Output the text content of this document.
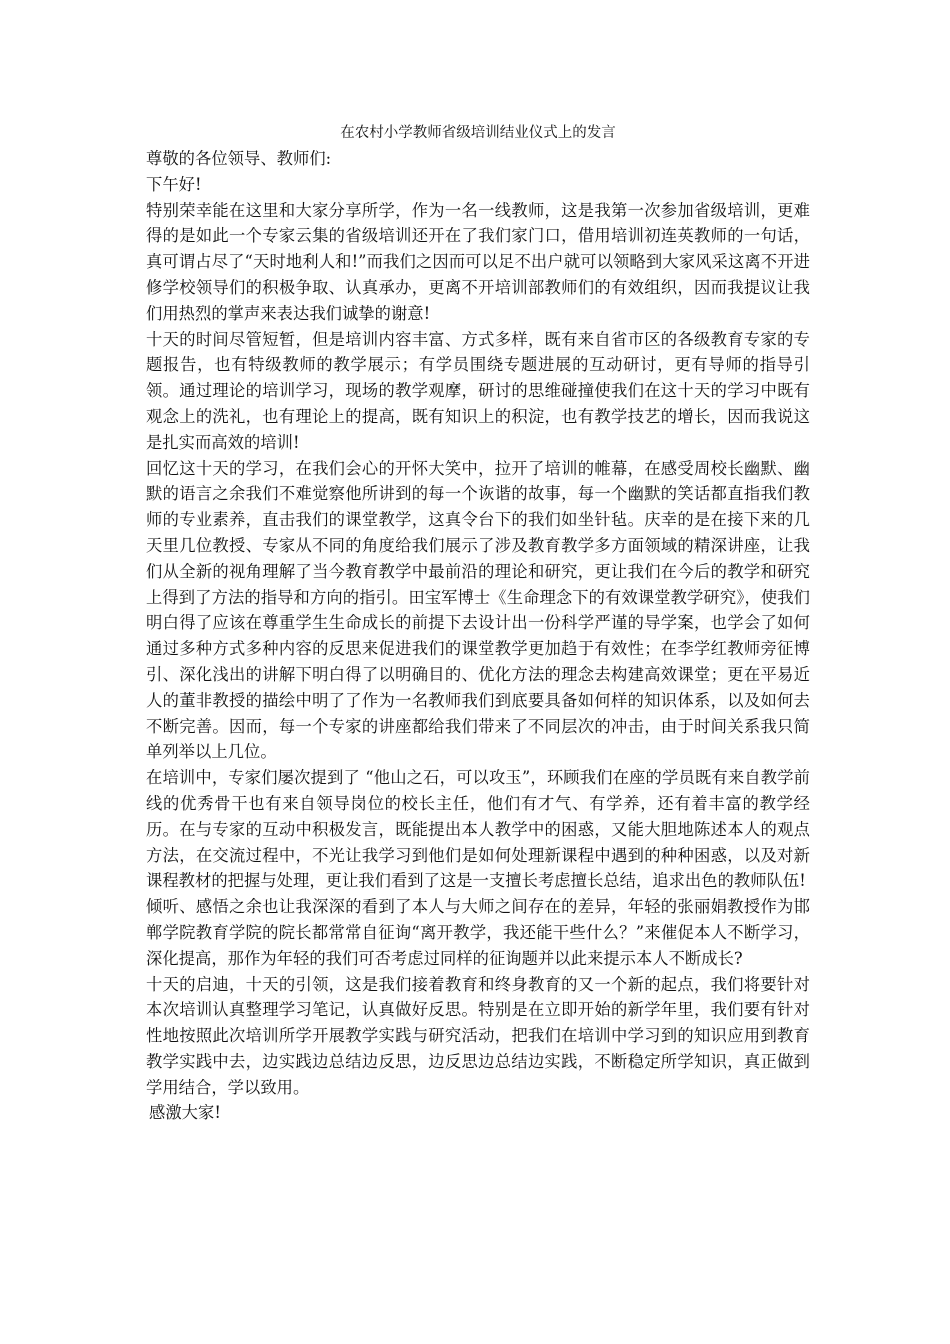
在农村小学教师省级培训结业仪式上的发言

尊敬的各位领导、教师们:

下午好!

特别荣幸能在这里和大家分享所学，作为一名一线教师，这是我第一次参加省级培训，更难得的是如此一个专家云集的省级培训还开在了我们家门口，借用培训初连英教师的一句话，真可谓占尽了“天时地利人和!”而我们之因而可以足不出户就可以领略到大家风采这离不开进修学校领导们的积极争取、认真承办，更离不开培训部教师们的有效组织，因而我提议让我们用热烈的掌声来表达我们诚挚的谢意!

十天的时间尽管短暂，但是培训内容丰富、方式多样，既有来自省市区的各级教育专家的专题报告，也有特级教师的教学展示；有学员围绕专题进展的互动研讨，更有导师的指导引领。通过理论的培训学习，现场的教学观摩，研讨的思维碰撞使我们在这十天的学习中既有观念上的洗礼，也有理论上的提高，既有知识上的积淀，也有教学技艺的增长，因而我说这是扎实而高效的培训!

回忆这十天的学习，在我们会心的开怀大笑中，拉开了培训的帷幕，在感受周校长幽默、幽默的语言之余我们不难觉察他所讲到的每一个诙谐的故事，每一个幽默的笑话都直指我们教师的专业素养，直击我们的课堂教学，这真令台下的我们如坐针毡。庆幸的是在接下来的几天里几位教授、专家从不同的角度给我们展示了涉及教育教学多方面领域的精深讲座，让我们从全新的视角理解了当今教育教学中最前沿的理论和研究，更让我们在今后的教学和研究上得到了方法的指导和方向的指引。田宝军博士《生命理念下的有效课堂教学研究》，使我们明白得了应该在尊重学生生命成长的前提下去设计出一份科学严谨的导学案，也学会了如何通过多种方式多种内容的反思来促进我们的课堂教学更加趋于有效性；在李学红教师旁征博引、深化浅出的讲解下明白得了以明确目的、优化方法的理念去构建高效课堂；更在平易近人的董非教授的描绘中明了了作为一名教师我们到底要具备如何样的知识体系，以及如何去不断完善。因而，每一个专家的讲座都给我们带来了不同层次的冲击，由于时间关系我只简单列举以上几位。

在培训中，专家们屡次提到了 “他山之石，可以攻玉”，环顾我们在座的学员既有来自教学前线的优秀骨干也有来自领导岗位的校长主任，他们有才气、有学养，还有着丰富的教学经历。在与专家的互动中积极发言，既能提出本人教学中的困惑，又能大胆地陈述本人的观点方法，在交流过程中，不光让我学习到他们是如何处理新课程中遇到的种种困惑，以及对新课程教材的把握与处理，更让我们看到了这是一支擅长考虑擅长总结，追求出色的教师队伍!

倾听、感悟之余也让我深深的看到了本人与大师之间存在的差异，年轻的张丽娟教授作为邯郸学院教育学院的院长都常常自征询“离开教学，我还能干些什么？”来催促本人不断学习，深化提高，那作为年轻的我们可否考虑过同样的征询题并以此来提示本人不断成长?

十天的启迪，十天的引领，这是我们接着教育和终身教育的又一个新的起点，我们将要针对本次培训认真整理学习笔记，认真做好反思。特别是在立即开始的新学年里，我们要有针对性地按照此次培训所学开展教学实践与研究活动，把我们在培训中学习到的知识应用到教育教学实践中去，边实践边总结边反思，边反思边总结边实践，不断稳定所学知识，真正做到学用结合，学以致用。

感激大家!
